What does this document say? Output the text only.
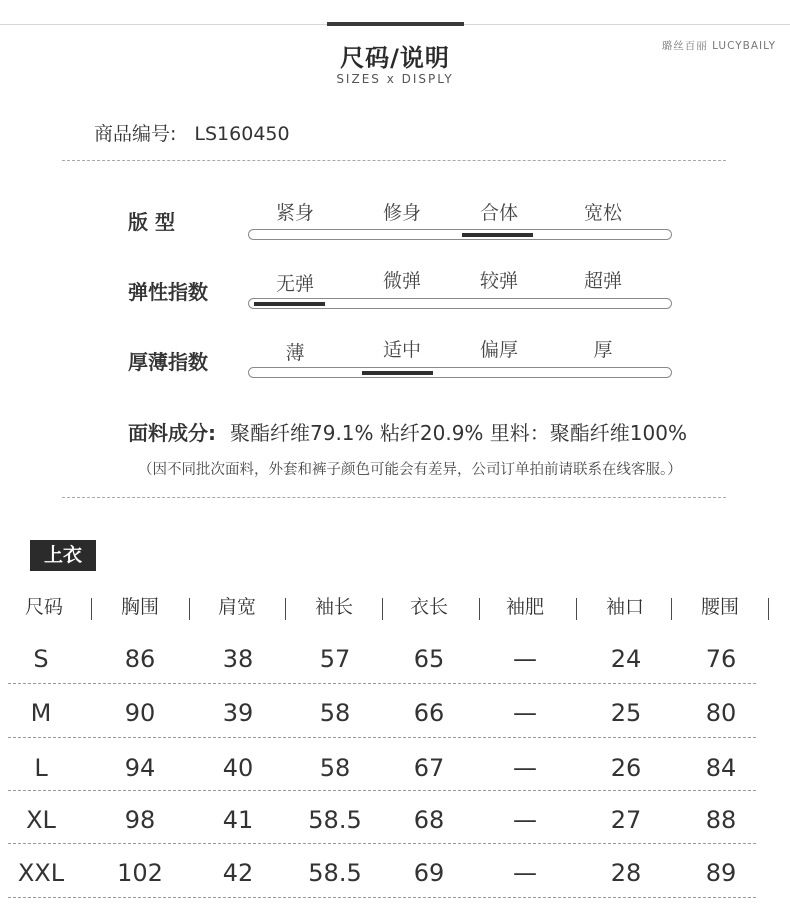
尺码/说明
SIZES x DISPLY
璐丝百丽 LUCYBAILY
商品编号: LS160450
版 型	紧身	修身	合体	宽松
弹性指数	无弹	微弹	较弹	超弹
厚薄指数	薄	适中	偏厚	厚
面料成分: 聚酯纤维79.1% 粘纤20.9% 里料：聚酯纤维100%
（因不同批次面料，外套和裤子颜色可能会有差异，公司订单拍前请联系在线客服。）
上衣
尺码	胸围	肩宽	袖长	衣长	袖肥	袖口	腰围
S	86	38	57	65	—	24	76
M	90	39	58	66	—	25	80
L	94	40	58	67	—	26	84
XL	98	41	58.5	68	—	27	88
XXL	102	42	58.5	69	—	28	89
